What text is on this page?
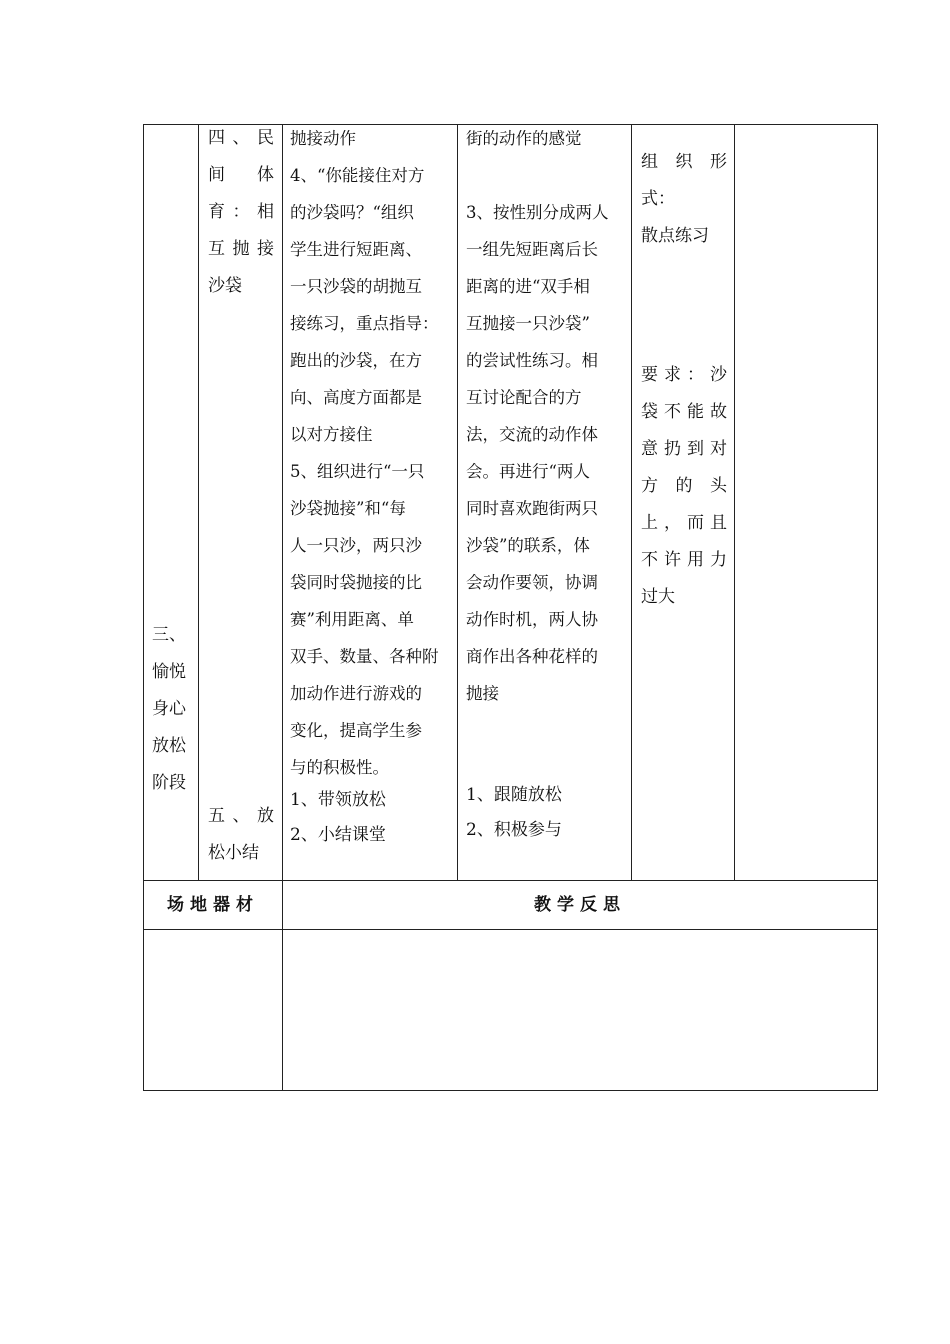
三、

愉悦

身心

放松

阶段

四、民

间　体

育：相

互抛接

沙袋

五、放

松小结

抛接动作

4、“你能接住对方

的沙袋吗？“组织

学生进行短距离、

一只沙袋的胡抛互

接练习，重点指导：

跑出的沙袋，在方

向、高度方面都是

以对方接住

5、组织进行“一只

沙袋抛接”和“每

人一只沙，两只沙

袋同时袋抛接的比

赛”利用距离、单

双手、数量、各种附

加动作进行游戏的

变化，提高学生参

与的积极性。

1、带领放松

2、小结课堂

街的动作的感觉

3、按性别分成两人

一组先短距离后长

距离的进“双手相

互抛接一只沙袋”

的尝试性练习。相

互讨论配合的方

法，交流的动作体

会。再进行“两人

同时喜欢跑街两只

沙袋”的联系，体

会动作要领，协调

动作时机，两人协

商作出各种花样的

抛接

1、跟随放松

2、积极参与

组　织　形

式：

散点练习

要求：沙

袋不能故

意扔到对

方　的　头

上，而且

不许用力

过大

场地器材	教学反思
